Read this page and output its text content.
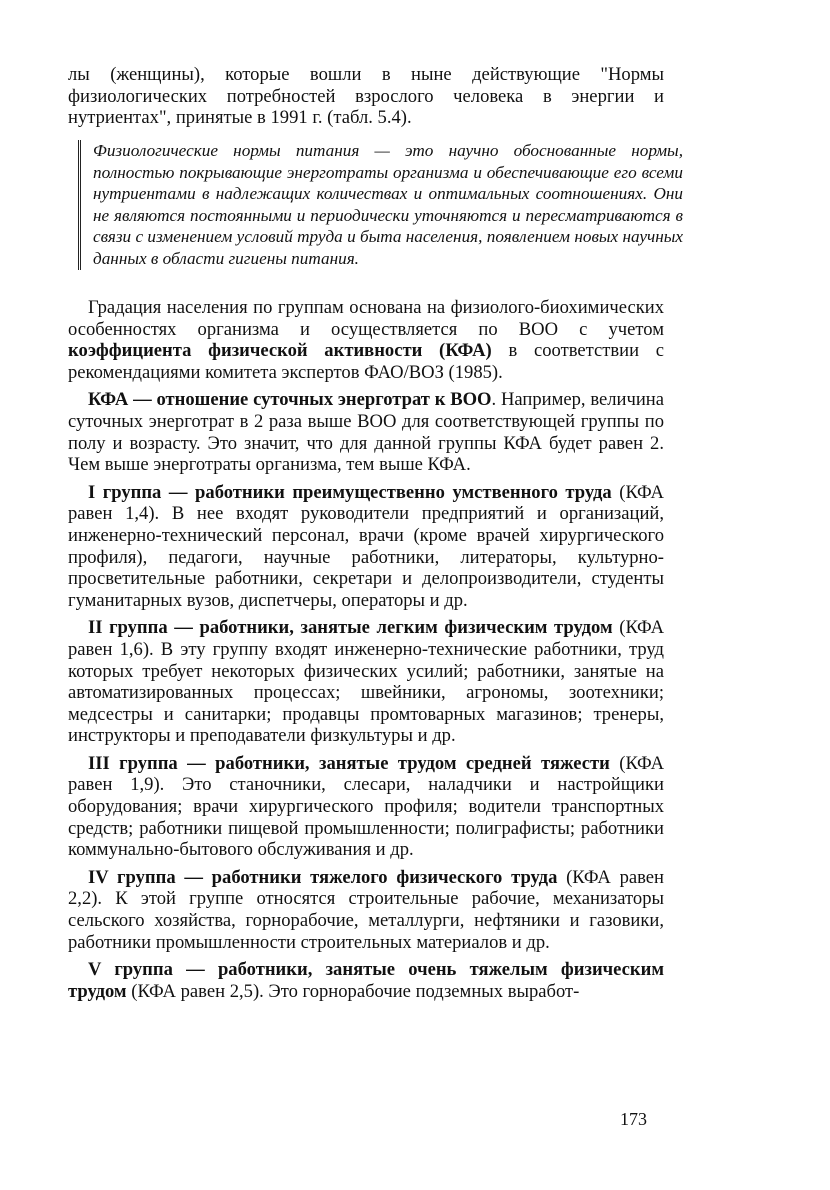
лы (женщины), которые вошли в ныне действующие "Нормы физиологических потребностей взрослого человека в энергии и нутриентах", принятые в 1991 г. (табл. 5.4).

Физиологические нормы питания — это научно обоснованные нормы, полностью покрывающие энерготраты организма и обеспечивающие его всеми нутриентами в надлежащих количествах и оптимальных соотношениях. Они не являются постоянными и периодически уточняются и пересматриваются в связи с изменением условий труда и быта населения, появлением новых научных данных в области гигиены питания.

Градация населения по группам основана на физиолого-биохимических особенностях организма и осуществляется по ВОО с учетом коэффициента физической активности (КФА) в соответствии с рекомендациями комитета экспертов ФАО/ВОЗ (1985).

КФА — отношение суточных энерготрат к ВОО. Например, величина суточных энерготрат в 2 раза выше ВОО для соответствующей группы по полу и возрасту. Это значит, что для данной группы КФА будет равен 2. Чем выше энерготраты организма, тем выше КФА.

I группа — работники преимущественно умственного труда (КФА равен 1,4). В нее входят руководители предприятий и организаций, инженерно-технический персонал, врачи (кроме врачей хирургического профиля), педагоги, научные работники, литераторы, культурно-просветительные работники, секретари и делопроизводители, студенты гуманитарных вузов, диспетчеры, операторы и др.

II группа — работники, занятые легким физическим трудом (КФА равен 1,6). В эту группу входят инженерно-технические работники, труд которых требует некоторых физических усилий; работники, занятые на автоматизированных процессах; швейники, агрономы, зоотехники; медсестры и санитарки; продавцы промтоварных магазинов; тренеры, инструкторы и преподаватели физкультуры и др.

III группа — работники, занятые трудом средней тяжести (КФА равен 1,9). Это станочники, слесари, наладчики и настройщики оборудования; врачи хирургического профиля; водители транспортных средств; работники пищевой промышленности; полиграфисты; работники коммунально-бытового обслуживания и др.

IV группа — работники тяжелого физического труда (КФА равен 2,2). К этой группе относятся строительные рабочие, механизаторы сельского хозяйства, горнорабочие, металлурги, нефтяники и газовики, работники промышленности строительных материалов и др.

V группа — работники, занятые очень тяжелым физическим трудом (КФА равен 2,5). Это горнорабочие подземных выработ-

173
